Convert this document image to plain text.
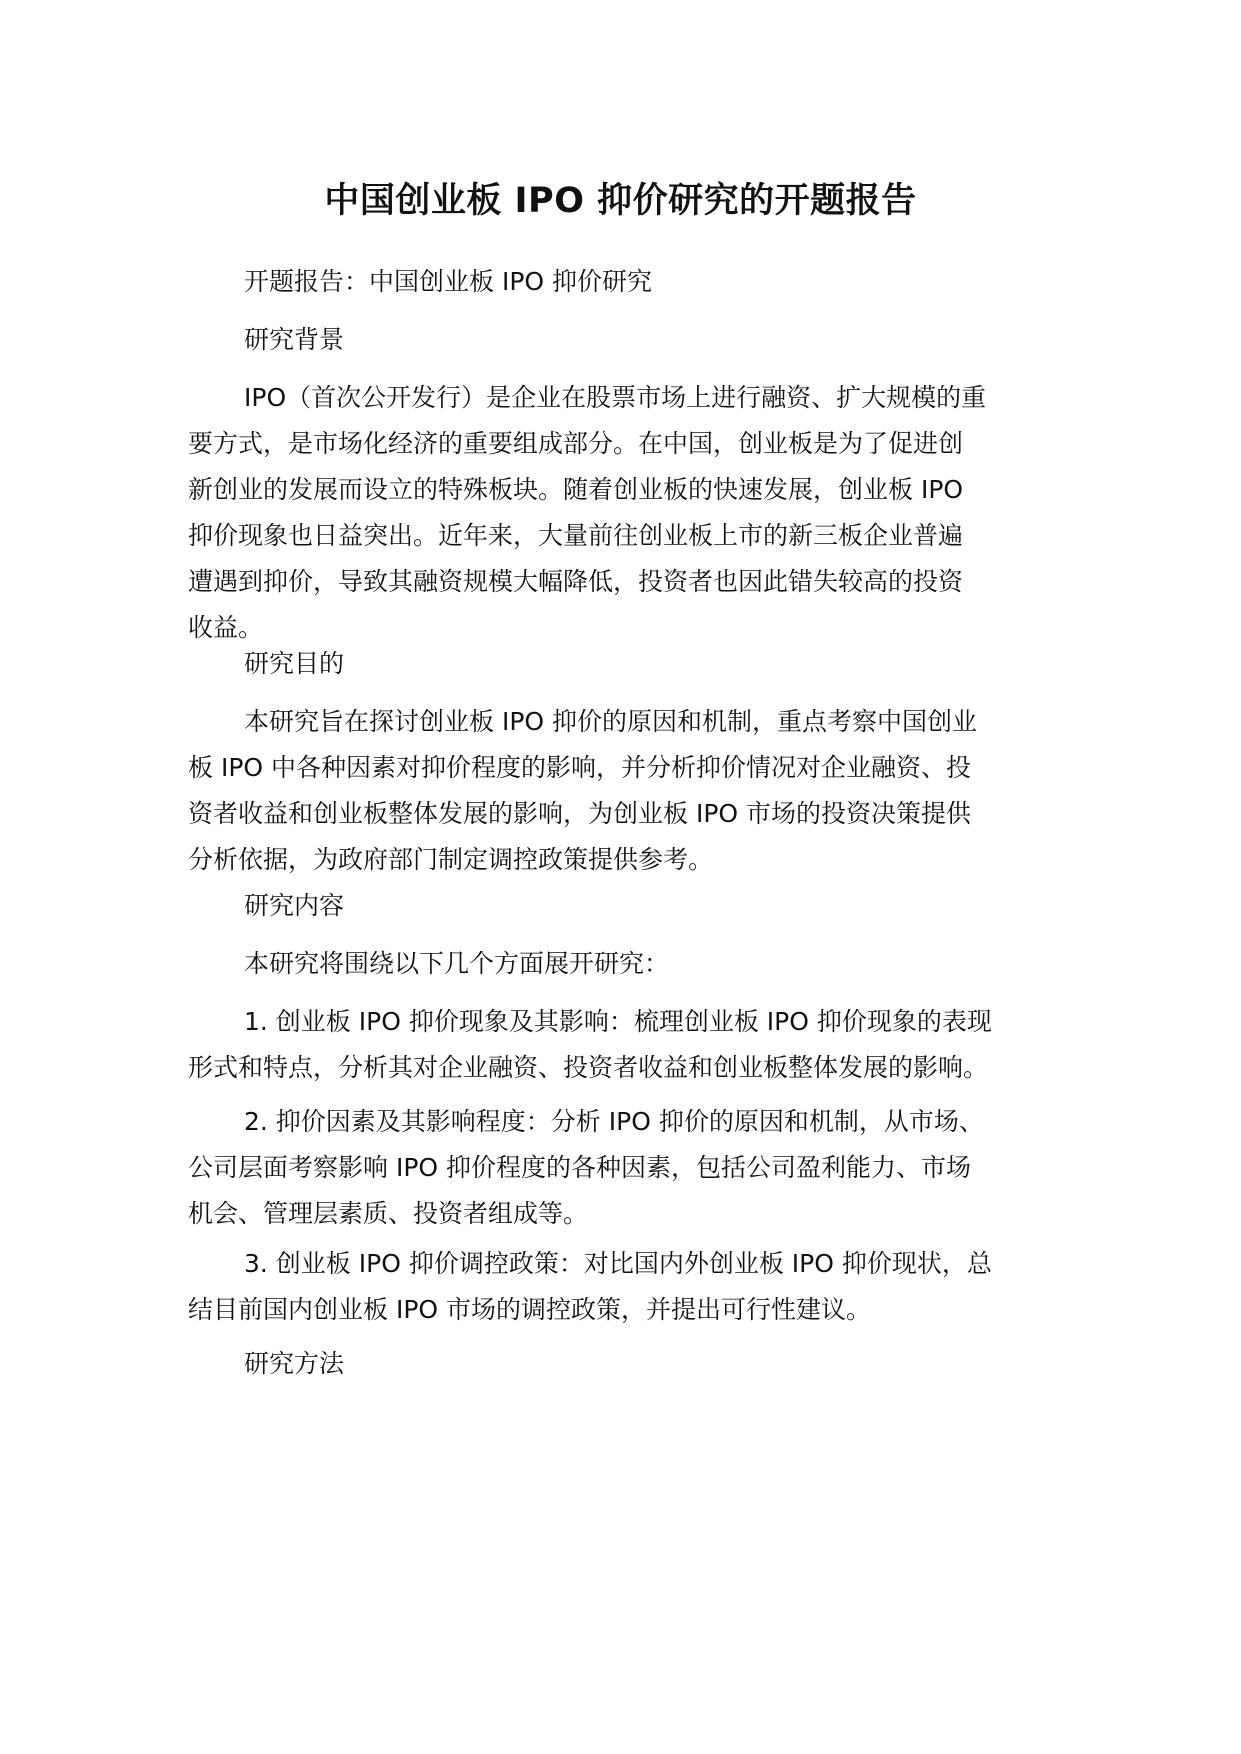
中国创业板 IPO 抑价研究的开题报告
开题报告：中国创业板 IPO 抑价研究
研究背景
IPO（首次公开发行）是企业在股票市场上进行融资、扩大规模的重
要方式，是市场化经济的重要组成部分。在中国，创业板是为了促进创
新创业的发展而设立的特殊板块。随着创业板的快速发展，创业板 IPO
抑价现象也日益突出。近年来，大量前往创业板上市的新三板企业普遍
遭遇到抑价，导致其融资规模大幅降低，投资者也因此错失较高的投资
收益。
研究目的
本研究旨在探讨创业板 IPO 抑价的原因和机制，重点考察中国创业
板 IPO 中各种因素对抑价程度的影响，并分析抑价情况对企业融资、投
资者收益和创业板整体发展的影响，为创业板 IPO 市场的投资决策提供
分析依据，为政府部门制定调控政策提供参考。
研究内容
本研究将围绕以下几个方面展开研究：
1. 创业板 IPO 抑价现象及其影响：梳理创业板 IPO 抑价现象的表现
形式和特点，分析其对企业融资、投资者收益和创业板整体发展的影响。
2. 抑价因素及其影响程度：分析 IPO 抑价的原因和机制，从市场、
公司层面考察影响 IPO 抑价程度的各种因素，包括公司盈利能力、市场
机会、管理层素质、投资者组成等。
3. 创业板 IPO 抑价调控政策：对比国内外创业板 IPO 抑价现状，总
结目前国内创业板 IPO 市场的调控政策，并提出可行性建议。
研究方法
